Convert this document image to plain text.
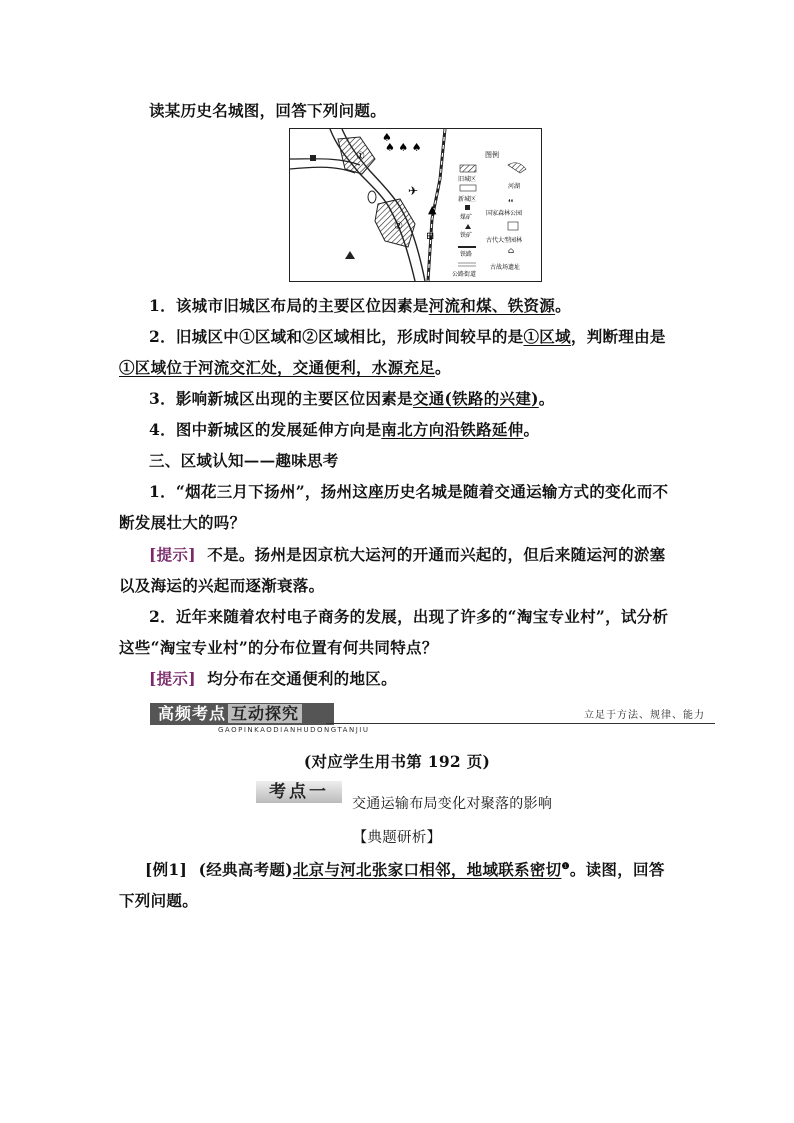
读某历史名城图，回答下列问题。
♠ ♠ ♠
♠
✈
▲
⊞
①
②
图例
旧城区
河湖
新城区	❛❛
国家森林公园
煤矿
铁矿
古代大型园林
铁路	⌂
古战场遗址
公路街道
1．该城市旧城区布局的主要区位因素是河流和煤、铁资源。
2．旧城区中①区域和②区域相比，形成时间较早的是①区域，判断理由是
①区域位于河流交汇处，交通便利，水源充足。
3．影响新城区出现的主要区位因素是交通(铁路的兴建)。
4．图中新城区的发展延伸方向是南北方向沿铁路延伸。
三、区域认知——趣味思考
1．“烟花三月下扬州”，扬州这座历史名城是随着交通运输方式的变化而不
断发展壮大的吗？
[提示] 不是。扬州是因京杭大运河的开通而兴起的，但后来随运河的淤塞
以及海运的兴起而逐渐衰落。
2．近年来随着农村电子商务的发展，出现了许多的“淘宝专业村”，试分析
这些“淘宝专业村”的分布位置有何共同特点？
[提示] 均分布在交通便利的地区。
高频考点 互动探究
GAOPINKAODIANHUDONGTANJIU
立足于方法、规律、能力
(对应学生用书第 192 页)
考点一
交通运输布局变化对聚落的影响
【典题研析】
[例1] (经典高考题)北京与河北张家口相邻，地域联系密切$^❶$。读图，回答
下列问题。
